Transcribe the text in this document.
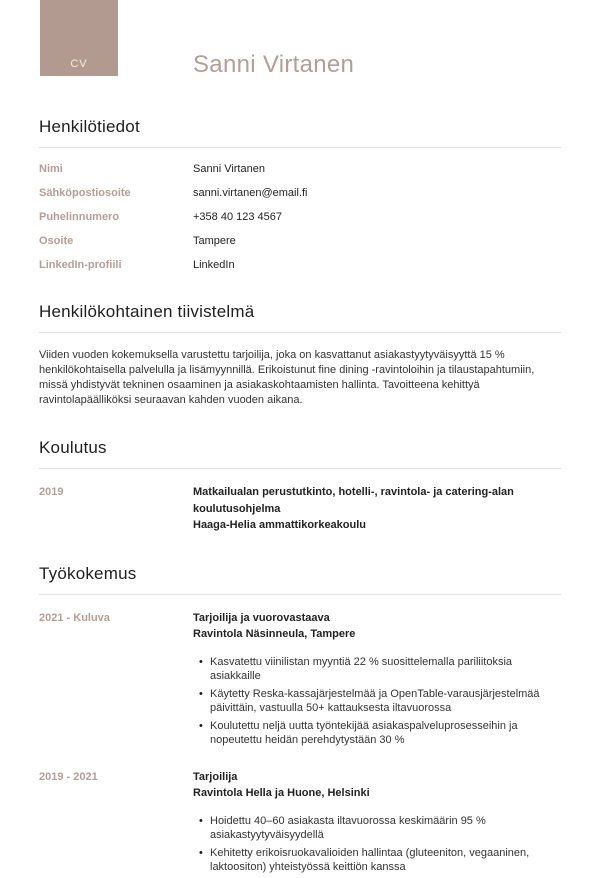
CV	Sanni Virtanen
Henkilötiedot
Nimi	Sanni Virtanen
Sähköpostiosoite	sanni.virtanen@email.fi
Puhelinnumero	+358 40 123 4567
Osoite	Tampere
LinkedIn-profiili	LinkedIn
Henkilökohtainen tiivistelmä

Viiden vuoden kokemuksella varustettu tarjoilija, joka on kasvattanut asiakastyytyväisyyttä 15 % henkilökohtaisella palvelulla ja lisämyynnillä. Erikoistunut fine dining -ravintoloihin ja tilaustapahtumiin, missä yhdistyvät tekninen osaaminen ja asiakaskohtaamisten hallinta. Tavoitteena kehittyä ravintolapäälliköksi seuraavan kahden vuoden aikana.

Koulutus
2019	Matkailualan perustutkinto, hotelli-, ravintola- ja catering-alan koulutusohjelma
Haaga-Helia ammattikorkeakoulu
Työkokemus
2021 - Kuluva	Tarjoilija ja vuorovastaava
Ravintola Näsinneula, Tampere
• Kasvatettu viinilistan myyntiä 22 % suosittelemalla pariliitoksia asiakkaille
• Käytetty Reska-kassajärjestelmää ja OpenTable-varausjärjestelmää päivittäin, vastuulla 50+ kattauksesta iltavuorossa
• Koulutettu neljä uutta työntekijää asiakaspalveluprosesseihin ja nopeutettu heidän perehdytystään 30 %
2019 - 2021	Tarjoilija
Ravintola Hella ja Huone, Helsinki
• Hoidettu 40–60 asiakasta iltavuorossa keskimäärin 95 % asiakastyytyväisyydellä
• Kehitetty erikoisruokavalioiden hallintaa (gluteeniton, vegaaninen, laktoositon) yhteistyössä keittiön kanssa
